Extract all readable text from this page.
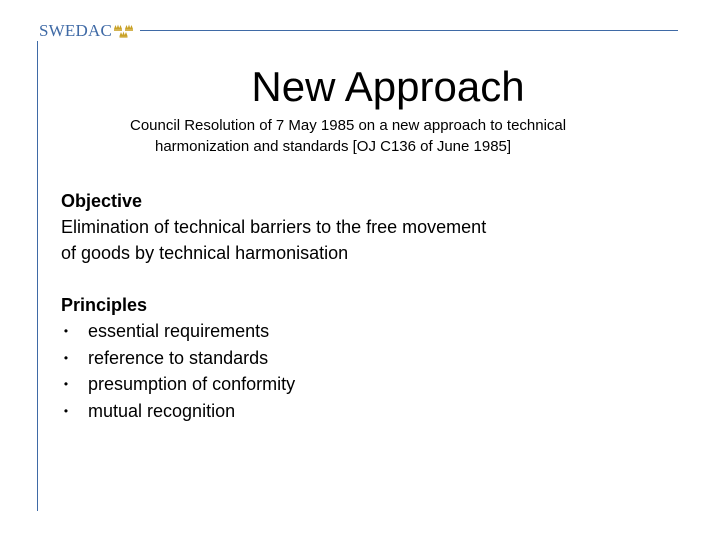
SWEDAC
New Approach
Council Resolution of 7 May 1985 on a new approach to technical
harmonization and standards [OJ C136 of June 1985]
Objective
Elimination of technical barriers to the free movement
of goods by technical harmonisation
Principles
• essential requirements
• reference to standards
• presumption of conformity
• mutual recognition
